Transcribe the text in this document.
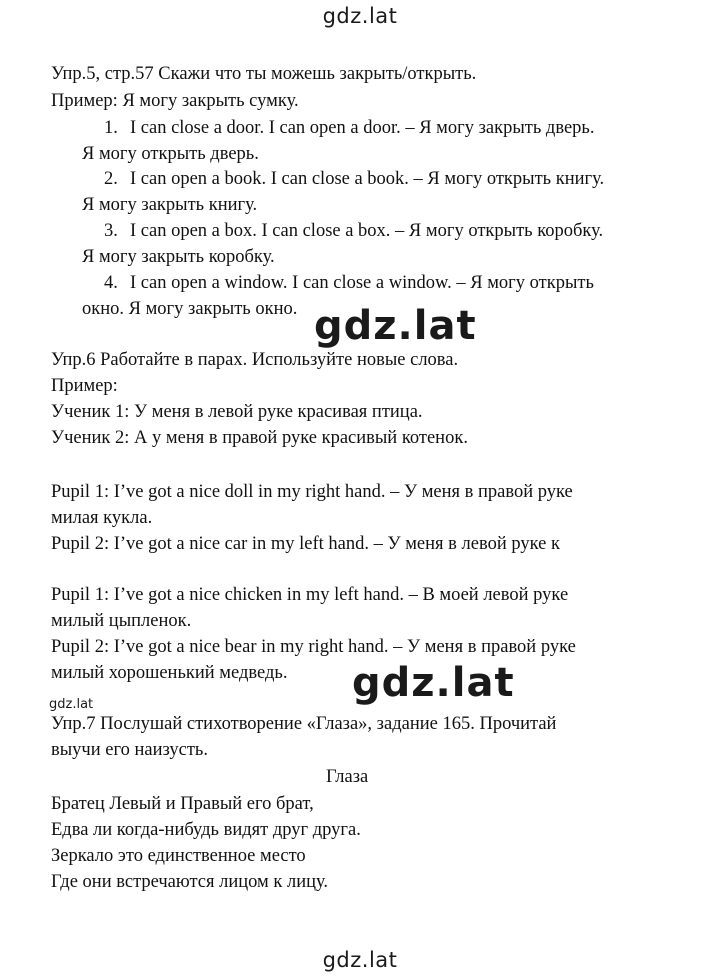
gdz.lat
gdz.lat
gdz.lat
gdz.lat
gdz.lat
Упр.5, стр.57 Скажи что ты можешь закрыть/открыть.
Пример: Я могу закрыть сумку.
1. I can close a door. I can open a door. – Я могу закрыть дверь.
Я могу открыть дверь.
2. I can open a book. I can close a book. – Я могу открыть книгу.
Я могу закрыть книгу.
3. I can open a box. I can close a box. – Я могу открыть коробку.
Я могу закрыть коробку.
4. I can open a window. I can close a window. – Я могу открыть
окно. Я могу закрыть окно.
Упр.6 Работайте в парах. Используйте новые слова.
Пример:
Ученик 1: У меня в левой руке красивая птица.
Ученик 2: А у меня в правой руке красивый котенок.
Pupil 1: I’ve got a nice doll in my right hand. – У меня в правой руке
милая кукла.
Pupil 2: I’ve got a nice car in my left hand. – У меня в левой руке к
Pupil 1: I’ve got a nice chicken in my left hand. – В моей левой руке
милый цыпленок.
Pupil 2: I’ve got a nice bear in my right hand. – У меня в правой руке
милый хорошенький медведь.
Упр.7 Послушай стихотворение «Глаза», задание 165. Прочитай
выучи его наизусть.
Глаза
Братец Левый и Правый его брат,
Едва ли когда-нибудь видят друг друга.
Зеркало это единственное место
Где они встречаются лицом к лицу.
